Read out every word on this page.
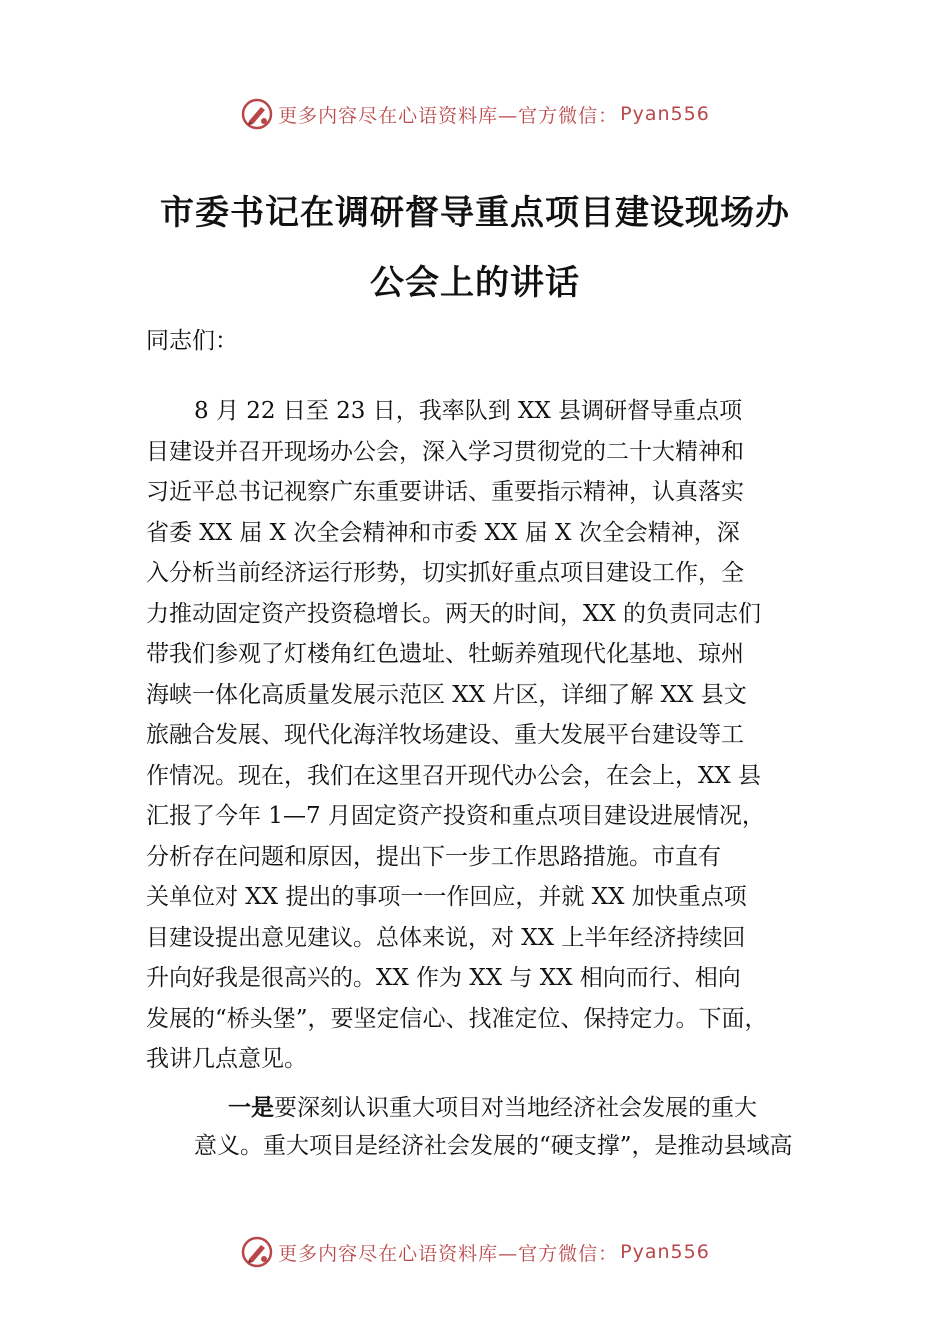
更多内容尽在心语资料库—官方微信： Pyan556
市委书记在调研督导重点项目建设现场办
公会上的讲话
同志们：
8 月 22 日至 23 日，我率队到 XX 县调研督导重点项
目建设并召开现场办公会，深入学习贯彻党的二十大精神和
习近平总书记视察广东重要讲话、重要指示精神，认真落实
省委 XX 届 X 次全会精神和市委 XX 届 X 次全会精神，深
入分析当前经济运行形势，切实抓好重点项目建设工作，全
力推动固定资产投资稳增长。两天的时间，XX 的负责同志们
带我们参观了灯楼角红色遗址、牡蛎养殖现代化基地、琼州
海峡一体化高质量发展示范区 XX 片区，详细了解 XX 县文
旅融合发展、现代化海洋牧场建设、重大发展平台建设等工
作情况。现在，我们在这里召开现代办公会，在会上，XX 县
汇报了今年 1—7 月固定资产投资和重点项目建设进展情况，
分析存在问题和原因，提出下一步工作思路措施。市直有
关单位对 XX 提出的事项一一作回应，并就 XX 加快重点项
目建设提出意见建议。总体来说，对 XX 上半年经济持续回
升向好我是很高兴的。XX 作为 XX 与 XX 相向而行、相向
发展的“桥头堡”，要坚定信心、找准定位、保持定力。下面，
我讲几点意见。
一是要深刻认识重大项目对当地经济社会发展的重大
意义。重大项目是经济社会发展的“硬支撑”，是推动县域高
更多内容尽在心语资料库—官方微信： Pyan556
